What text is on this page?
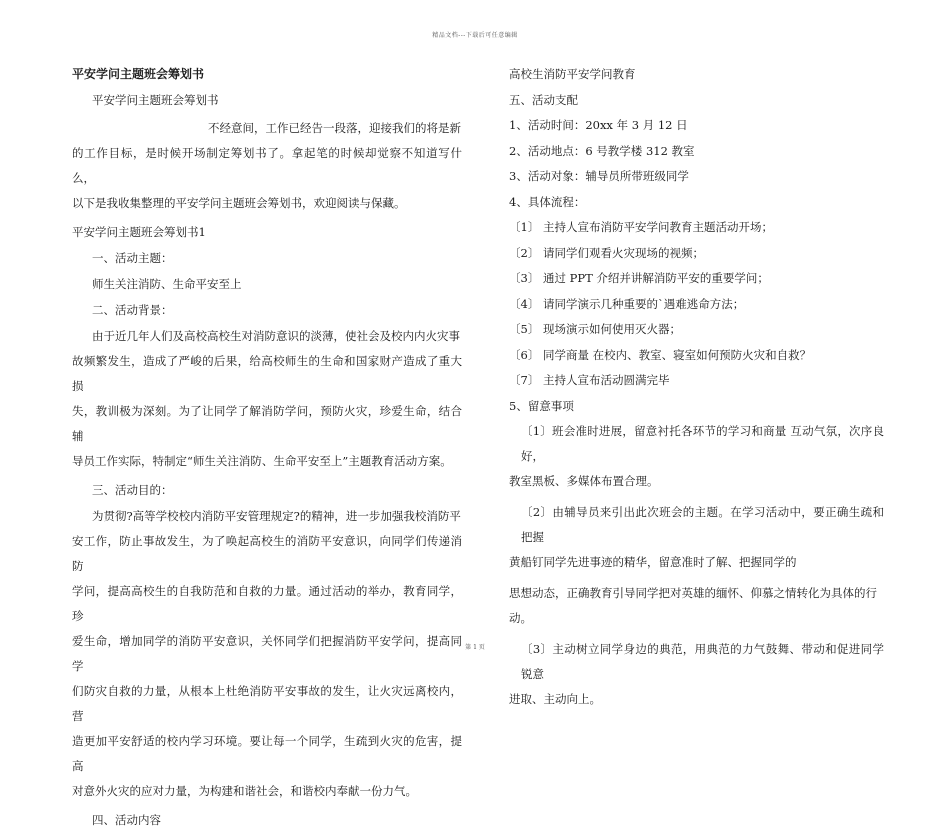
精品文档---下载后可任意编辑
平安学问主题班会筹划书
平安学问主题班会筹划书
不经意间，工作已经告一段落，迎接我们的将是新
的工作目标，是时候开场制定筹划书了。拿起笔的时候却觉察不知道写什么，
以下是我收集整理的平安学问主题班会筹划书，欢迎阅读与保藏。
平安学问主题班会筹划书1
一、活动主题：
师生关注消防、生命平安至上
二、活动背景：
由于近几年人们及高校高校生对消防意识的淡薄，使社会及校内内火灾事
故频繁发生，造成了严峻的后果，给高校师生的生命和国家财产造成了重大损
失，教训极为深刻。为了让同学了解消防学问，预防火灾，珍爱生命，结合辅
导员工作实际，特制定“师生关注消防、生命平安至上”主题教育活动方案。
三、活动目的：
为贯彻?高等学校校内消防平安管理规定?的精神，进一步加强我校消防平
安工作，防止事故发生，为了唤起高校生的消防平安意识，向同学们传递消防
学问，提高高校生的自我防范和自救的力量。通过活动的举办，教育同学，珍
爱生命，增加同学的消防平安意识，关怀同学们把握消防平安学问，提高同学
们防灾自救的力量，从根本上杜绝消防平安事故的发生，让火灾远离校内，营
造更加平安舒适的校内学习环境。要让每一个同学，生疏到火灾的危害，提高
对意外火灾的应对力量，为构建和谐社会，和谐校内奉献一份力气。
四、活动内容
高校生消防平安学问教育
五、活动支配
1、活动时间：20xx 年 3 月 12 日
2、活动地点：6 号教学楼 312 教室
3、活动对象：辅导员所带班级同学
4、具体流程：
〔1〕 主持人宣布消防平安学问教育主题活动开场；
〔2〕 请同学们观看火灾现场的视频；
〔3〕 通过 PPT 介绍并讲解消防平安的重要学问；
〔4〕 请同学演示几种重要的`遇难逃命方法；
〔5〕 现场演示如何使用灭火器；
〔6〕 同学商量 在校内、教室、寝室如何预防火灾和自救？
〔7〕 主持人宣布活动圆满完毕
5、留意事项
〔1〕班会准时进展，留意衬托各环节的学习和商量 互动气氛，次序良好，
教室黑板、多媒体布置合理。
〔2〕由辅导员来引出此次班会的主题。在学习活动中，要正确生疏和把握
黄船钉同学先进事迹的精华，留意准时了解、把握同学的
思想动态，正确教育引导同学把对英雄的缅怀、仰慕之情转化为具体的行
动。
〔3〕主动树立同学身边的典范，用典范的力气鼓舞、带动和促进同学锐意
进取、主动向上。
第 1 页
